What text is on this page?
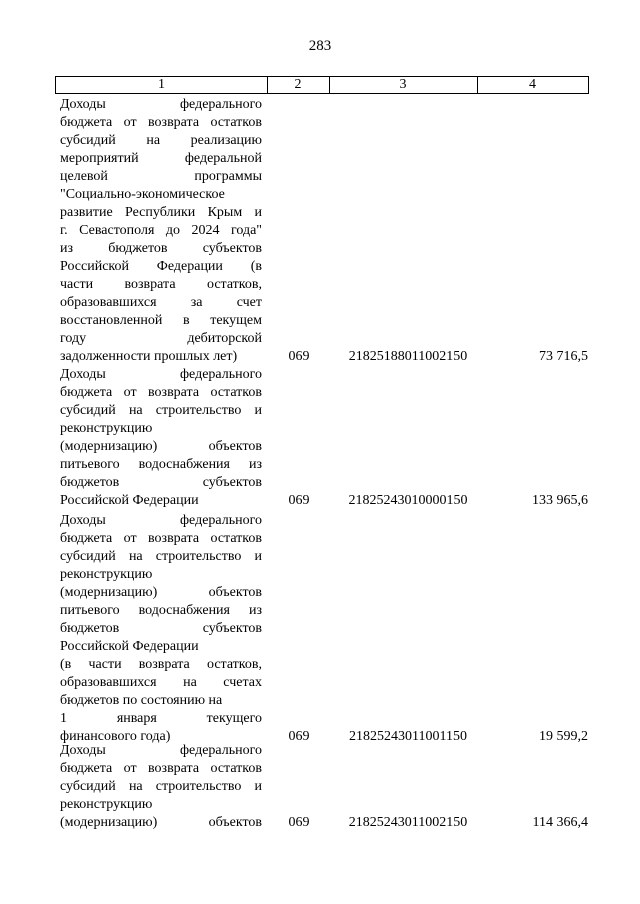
283
1	2	3	4
Доходы федерального
бюджета от возврата остатков
субсидий на реализацию
мероприятий федеральной
целевой программы
"Социально-экономическое
развитие Республики Крым и
г. Севастополя до 2024 года"
из бюджетов субъектов
Российской Федерации (в
части возврата остатков,
образовавшихся за счет
восстановленной в текущем
году дебиторской
задолженности прошлых лет)	069	21825188011002150	73 716,5
Доходы федерального
бюджета от возврата остатков
субсидий на строительство и
реконструкцию
(модернизацию) объектов
питьевого водоснабжения из
бюджетов субъектов
Российской Федерации	069	21825243010000150	133 965,6
Доходы федерального
бюджета от возврата остатков
субсидий на строительство и
реконструкцию
(модернизацию) объектов
питьевого водоснабжения из
бюджетов субъектов
Российской Федерации
(в части возврата остатков,
образовавшихся на счетах
бюджетов по состоянию на
1 января текущего
финансового года)	069	21825243011001150	19 599,2
Доходы федерального
бюджета от возврата остатков
субсидий на строительство и
реконструкцию
(модернизацию) объектов	069	21825243011002150	114 366,4
